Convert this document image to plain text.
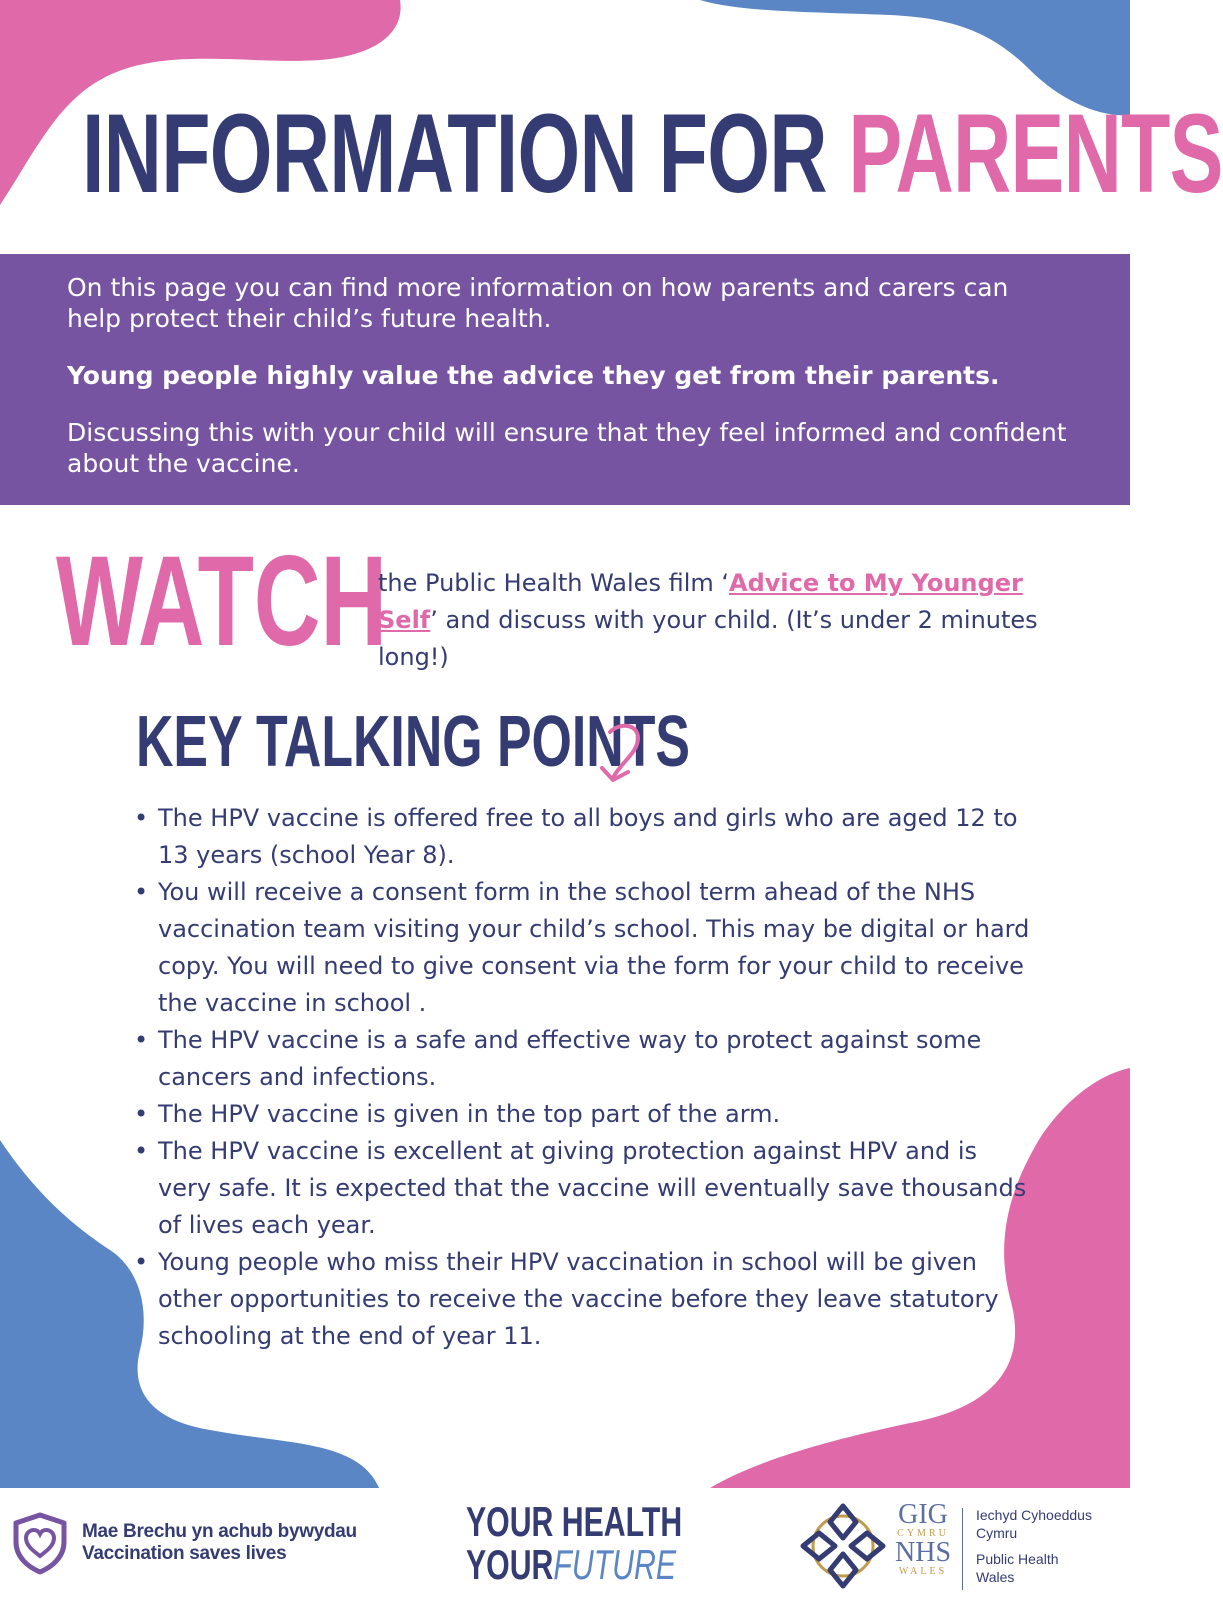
INFORMATION FOR PARENTS

On this page you can find more information on how parents and carers can help protect their child’s future health.

Young people highly value the advice they get from their parents.

Discussing this with your child will ensure that they feel informed and confident about the vaccine.

WATCH
the Public Health Wales film ‘Advice to My Younger Self’ and discuss with your child. (It’s under 2 minutes long!)
KEY TALKING POINTS
• The HPV vaccine is offered free to all boys and girls who are aged 12 to 13 years (school Year 8).
• You will receive a consent form in the school term ahead of the NHS vaccination team visiting your child’s school. This may be digital or hard copy. You will need to give consent via the form for your child to receive the vaccine in school .
• The HPV vaccine is a safe and effective way to protect against some cancers and infections.
• The HPV vaccine is given in the top part of the arm.
• The HPV vaccine is excellent at giving protection against HPV and is very safe. It is expected that the vaccine will eventually save thousands of lives each year.
• Young people who miss their HPV vaccination in school will be given other opportunities to receive the vaccine before they leave statutory schooling at the end of year 11.
Mae Brechu yn achub bywydau
Vaccination saves lives
YOUR HEALTH
YOURFUTURE
GIG
CYMRU
NHS
WALES
Iechyd Cyhoeddus
Cymru
Public Health
Wales
